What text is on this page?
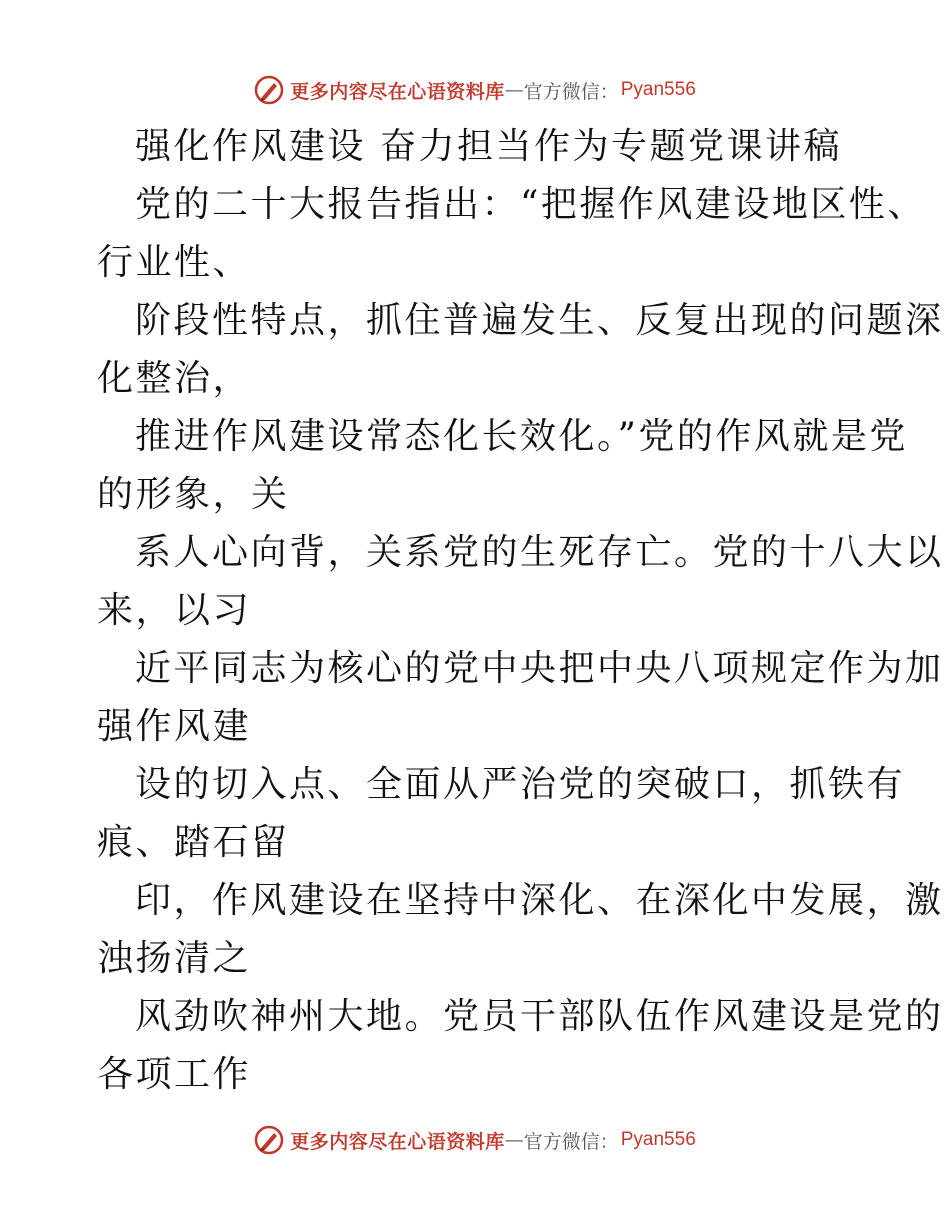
更多内容尽在心语资料库 — 官方微信： Pyan556
强化作风建设 奋力担当作为专题党课讲稿
党的二十大报告指出：“把握作风建设地区性、
行业性、
阶段性特点，抓住普遍发生、反复出现的问题深
化整治，
推进作风建设常态化长效化。”党的作风就是党
的形象，关
系人心向背，关系党的生死存亡。党的十八大以
来，以习
近平同志为核心的党中央把中央八项规定作为加
强作风建
设的切入点、全面从严治党的突破口，抓铁有
痕、踏石留
印，作风建设在坚持中深化、在深化中发展，激
浊扬清之
风劲吹神州大地。党员干部队伍作风建设是党的
各项工作
更多内容尽在心语资料库 — 官方微信： Pyan556
